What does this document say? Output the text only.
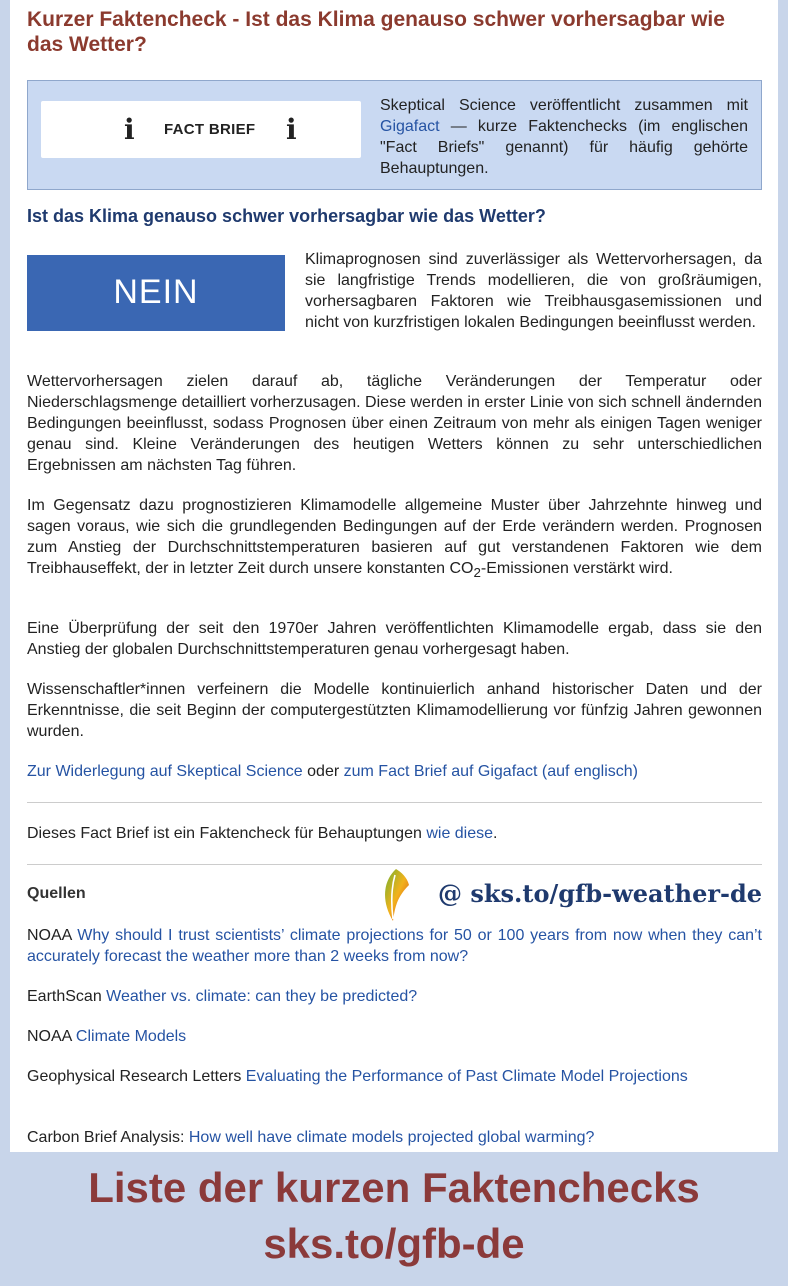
Kurzer Faktencheck - Ist das Klima genauso schwer vorhersagbar wie das Wetter?
i FACT BRIEF i
Skeptical Science veröffentlicht zusammen mit Gigafact — kurze Faktenchecks (im englischen "Fact Briefs" genannt) für häufig gehörte Behauptungen.
Ist das Klima genauso schwer vorhersagbar wie das Wetter?
NEIN
Klimaprognosen sind zuverlässiger als Wettervorhersagen, da sie langfristige Trends modellieren, die von großräumigen, vorhersagbaren Faktoren wie Treibhausgasemissionen und nicht von kurzfristigen lokalen Bedingungen beeinflusst werden.
Wettervorhersagen zielen darauf ab, tägliche Veränderungen der Temperatur oder Niederschlagsmenge detailliert vorherzusagen. Diese werden in erster Linie von sich schnell ändernden Bedingungen beeinflusst, sodass Prognosen über einen Zeitraum von mehr als einigen Tagen weniger genau sind. Kleine Veränderungen des heutigen Wetters können zu sehr unterschiedlichen Ergebnissen am nächsten Tag führen.
Im Gegensatz dazu prognostizieren Klimamodelle allgemeine Muster über Jahrzehnte hinweg und sagen voraus, wie sich die grundlegenden Bedingungen auf der Erde verändern werden. Prognosen zum Anstieg der Durchschnittstemperaturen basieren auf gut verstandenen Faktoren wie dem Treibhauseffekt, der in letzter Zeit durch unsere konstanten $CO_2$-Emissionen verstärkt wird.
Eine Überprüfung der seit den 1970er Jahren veröffentlichten Klimamodelle ergab, dass sie den Anstieg der globalen Durchschnittstemperaturen genau vorhergesagt haben.
Wissenschaftler*innen verfeinern die Modelle kontinuierlich anhand historischer Daten und der Erkenntnisse, die seit Beginn der computergestützten Klimamodellierung vor fünfzig Jahren gewonnen wurden.
Zur Widerlegung auf Skeptical Science oder zum Fact Brief auf Gigafact (auf englisch)
Dieses Fact Brief ist ein Faktencheck für Behauptungen wie diese.
Quellen	@ sks.to/gfb-weather-de
NOAA Why should I trust scientists’ climate projections for 50 or 100 years from now when they can’t accurately forecast the weather more than 2 weeks from now?
EarthScan Weather vs. climate: can they be predicted?
NOAA Climate Models
Geophysical Research Letters Evaluating the Performance of Past Climate Model Projections
Carbon Brief Analysis: How well have climate models projected global warming?
Liste der kurzen Faktenchecks
sks.to/gfb-de
